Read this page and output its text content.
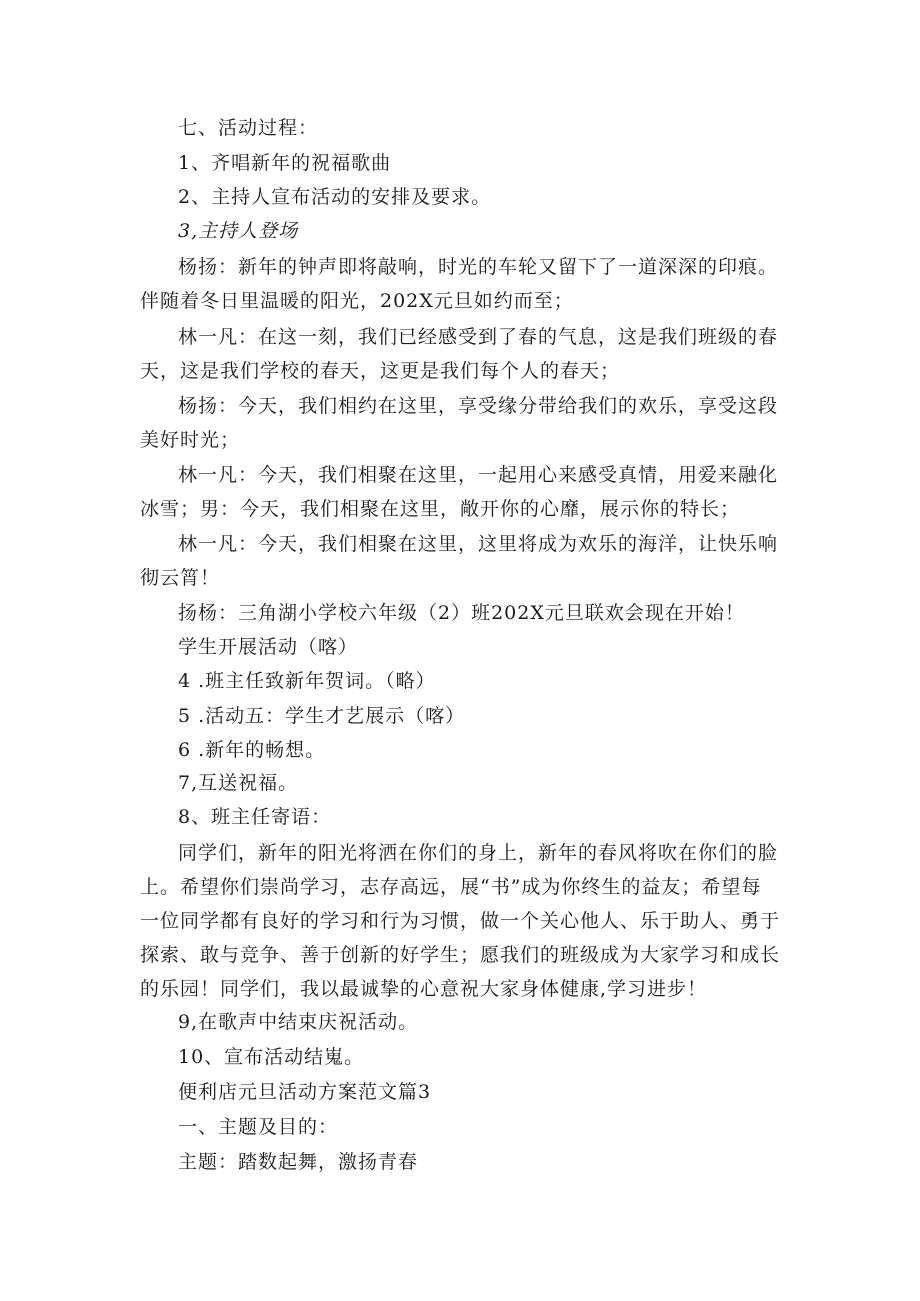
七、活动过程：
1、齐唱新年的祝福歌曲
2、主持人宣布活动的安排及要求。
3,主持人登场
杨扬：新年的钟声即将敲响，时光的车轮又留下了一道深深的印痕。
伴随着冬日里温暖的阳光，202X元旦如约而至；
林一凡：在这一刻，我们已经感受到了春的气息，这是我们班级的春
天，这是我们学校的春天，这更是我们每个人的春天；
杨扬：今天，我们相约在这里，享受缘分带给我们的欢乐，享受这段
美好时光；
林一凡：今天，我们相聚在这里，一起用心来感受真情，用爱来融化
冰雪；男：今天，我们相聚在这里，敞开你的心靡，展示你的特长；
林一凡：今天，我们相聚在这里，这里将成为欢乐的海洋，让快乐响
彻云筲！
扬杨：三角湖小学校六年级（2）班202X元旦联欢会现在开始！
学生开展活动（喀）
4 .班主任致新年贺词。（略）
5 .活动五：学生才艺展示（喀）
6 .新年的畅想。
7,互送祝福。
8、班主任寄语：
同学们，新年的阳光将洒在你们的身上，新年的春风将吹在你们的脸
上。希望你们崇尚学习，志存高远，展“书”成为你终生的益友；希望每
一位同学都有良好的学习和行为习惯，做一个关心他人、乐于助人、勇于
探索、敢与竞争、善于创新的好学生；愿我们的班级成为大家学习和成长
的乐园！同学们，我以最诚挚的心意祝大家身体健康,学习进步！
9,在歌声中结束庆祝活动。
10、宣布活动结嵬。
便利店元旦活动方案范文篇3
一、主题及目的：
主题：踏数起舞，激扬青春
